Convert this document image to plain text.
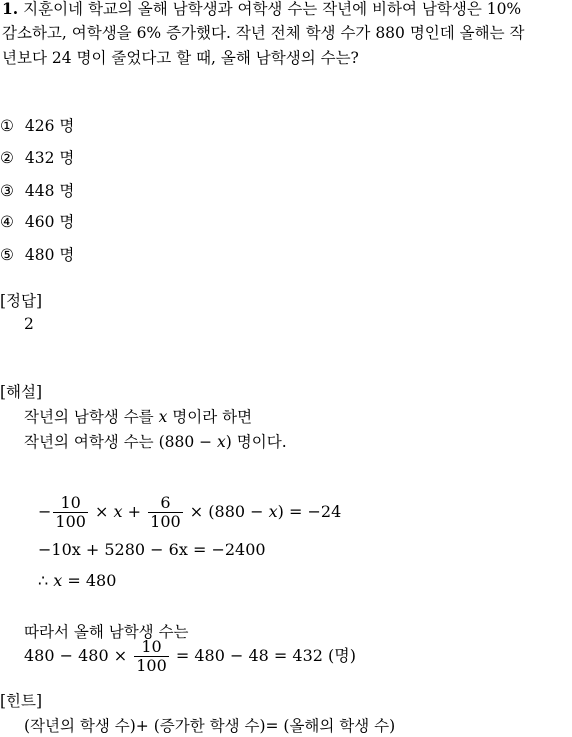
1. 지훈이네 학교의 올해 남학생과 여학생 수는 작년에 비하여 남학생은 10%
감소하고, 여학생을 6% 증가했다. 작년 전체 학생 수가 880 명인데 올해는 작
년보다 24 명이 줄었다고 할 때, 올해 남학생의 수는?
① 426 명
② 432 명
③ 448 명
④ 460 명
⑤ 480 명
[정답]
2
[해설]
작년의 남학생 수를 x 명이라 하면
작년의 여학생 수는 (880 − x) 명이다.
− $\frac{10}{100} \times x + \frac{6}{100} \times (880 - x) = -24$
−10x + 5280 − 6x = −2400
∴ x = 480
따라서 올해 남학생 수는
$480 - 480 \times \frac{10}{100} = 480 - 48 = 432$ (명)
[힌트]
(작년의 학생 수)+ (증가한 학생 수)= (올해의 학생 수)
